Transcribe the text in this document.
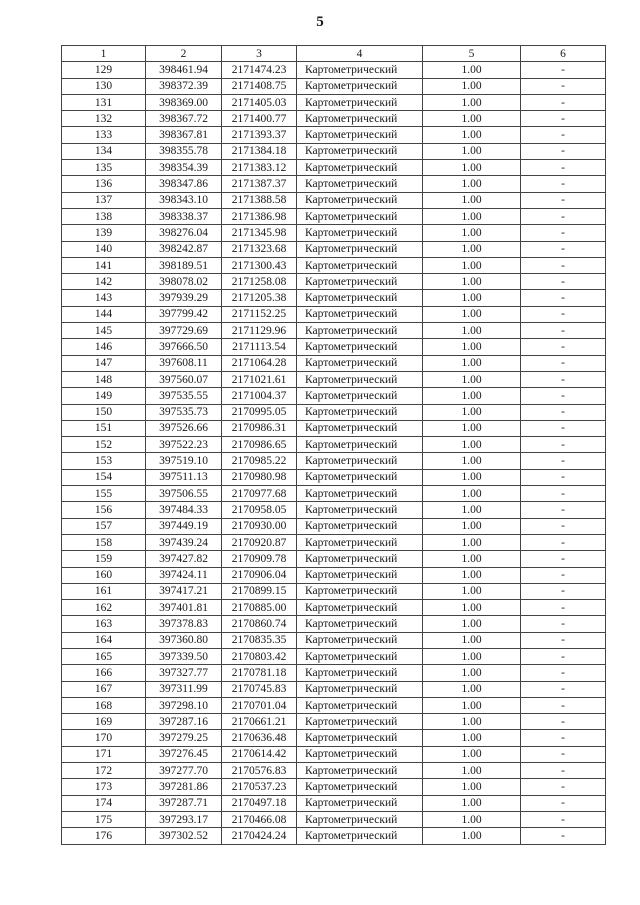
5
1	2	3	4	5	6
129	398461.94	2171474.23	Картометрический	1.00	-
130	398372.39	2171408.75	Картометрический	1.00	-
131	398369.00	2171405.03	Картометрический	1.00	-
132	398367.72	2171400.77	Картометрический	1.00	-
133	398367.81	2171393.37	Картометрический	1.00	-
134	398355.78	2171384.18	Картометрический	1.00	-
135	398354.39	2171383.12	Картометрический	1.00	-
136	398347.86	2171387.37	Картометрический	1.00	-
137	398343.10	2171388.58	Картометрический	1.00	-
138	398338.37	2171386.98	Картометрический	1.00	-
139	398276.04	2171345.98	Картометрический	1.00	-
140	398242.87	2171323.68	Картометрический	1.00	-
141	398189.51	2171300.43	Картометрический	1.00	-
142	398078.02	2171258.08	Картометрический	1.00	-
143	397939.29	2171205.38	Картометрический	1.00	-
144	397799.42	2171152.25	Картометрический	1.00	-
145	397729.69	2171129.96	Картометрический	1.00	-
146	397666.50	2171113.54	Картометрический	1.00	-
147	397608.11	2171064.28	Картометрический	1.00	-
148	397560.07	2171021.61	Картометрический	1.00	-
149	397535.55	2171004.37	Картометрический	1.00	-
150	397535.73	2170995.05	Картометрический	1.00	-
151	397526.66	2170986.31	Картометрический	1.00	-
152	397522.23	2170986.65	Картометрический	1.00	-
153	397519.10	2170985.22	Картометрический	1.00	-
154	397511.13	2170980.98	Картометрический	1.00	-
155	397506.55	2170977.68	Картометрический	1.00	-
156	397484.33	2170958.05	Картометрический	1.00	-
157	397449.19	2170930.00	Картометрический	1.00	-
158	397439.24	2170920.87	Картометрический	1.00	-
159	397427.82	2170909.78	Картометрический	1.00	-
160	397424.11	2170906.04	Картометрический	1.00	-
161	397417.21	2170899.15	Картометрический	1.00	-
162	397401.81	2170885.00	Картометрический	1.00	-
163	397378.83	2170860.74	Картометрический	1.00	-
164	397360.80	2170835.35	Картометрический	1.00	-
165	397339.50	2170803.42	Картометрический	1.00	-
166	397327.77	2170781.18	Картометрический	1.00	-
167	397311.99	2170745.83	Картометрический	1.00	-
168	397298.10	2170701.04	Картометрический	1.00	-
169	397287.16	2170661.21	Картометрический	1.00	-
170	397279.25	2170636.48	Картометрический	1.00	-
171	397276.45	2170614.42	Картометрический	1.00	-
172	397277.70	2170576.83	Картометрический	1.00	-
173	397281.86	2170537.23	Картометрический	1.00	-
174	397287.71	2170497.18	Картометрический	1.00	-
175	397293.17	2170466.08	Картометрический	1.00	-
176	397302.52	2170424.24	Картометрический	1.00	-
